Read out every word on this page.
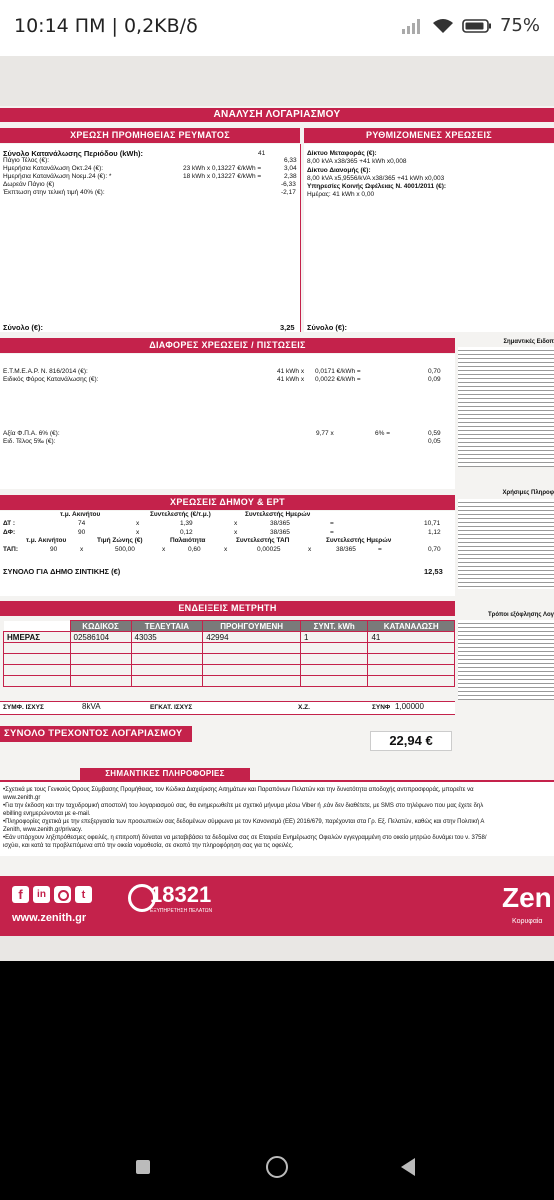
10:14 ΠΜ | 0,2KB/δ	75%
ΑΝΑΛΥΣΗ ΛΟΓΑΡΙΑΣΜΟΥ
ΧΡΕΩΣΗ ΠΡΟΜΗΘΕΙΑΣ ΡΕΥΜΑΤΟΣ
Σύνολο Κατανάλωσης Περιόδου (kWh):	41
Πάγιο Τέλος (€):	6,33
Ημερήσια Κατανάλωση Οκτ.24 (€):	23 kWh x 0,13227 €/kWh =	3,04
Ημερήσια Κατανάλωση Νοεμ.24 (€): *	18 kWh x 0,13227 €/kWh =	2,38
Δωρεάν Πάγιο (€)	-6,33
Έκπτωση στην τελική τιμή 40% (€):	-2,17
Σύνολο (€):	3,25
ΡΥΘΜΙΖΟΜΕΝΕΣ ΧΡΕΩΣΕΙΣ
Δίκτυο Μεταφοράς (€):
8,00 kVA x38/365 +41 kWh x0,008
Δίκτυο Διανομής (€):
8,00 kVA x5,9556/kVA x38/365 +41 kWh x0,003
Υπηρεσίες Κοινής Ωφέλειας Ν. 4001/2011 (€):
Ημέρας: 41 kWh x 0,00
Σύνολο (€):
ΔΙΑΦΟΡΕΣ ΧΡΕΩΣΕΙΣ / ΠΙΣΤΩΣΕΙΣ
Ε.Τ.Μ.Ε.Α.Ρ. Ν. 816/2014 (€):	41 kWh x 0,0171 €/kWh =	0,70
Ειδικός Φόρος Κατανάλωσης (€):	41 kWh x 0,0022 €/kWh =	0,09
Αξία Φ.Π.Α. 6% (€):	9,77 x	6% =	0,59
Ειδ. Τέλος 5‰ (€):	0,05
ΧΡΕΩΣΕΙΣ ΔΗΜΟΥ & ΕΡΤ
τ.μ. Ακινήτου	Συντελεστής (€/τ.μ.)	Συντελεστής Ημερών
ΔΤ :	74	x	1,39	x	38/365	=	10,71
ΔΦ:	90	x	0,12	x	38/365	=	1,12
τ.μ. Ακινήτου	Τιμή Ζώνης (€)	Παλαιότητα	Συντελεστής ΤΑΠ	Συντελεστής Ημερών
ΤΑΠ:	90	x	500,00	x	0,60	x	0,00025	x	38/365	=	0,70
ΣΥΝΟΛΟ ΓΙΑ ΔΗΜΟ ΣΙΝΤΙΚΗΣ (€)	12,53
ΕΝΔΕΙΞΕΙΣ ΜΕΤΡΗΤΗ
	ΚΩΔΙΚΟΣ	ΤΕΛΕΥΤΑΙΑ	ΠΡΟΗΓΟΥΜΕΝΗ	ΣΥΝΤ. kWh	ΚΑΤΑΝΑΛΩΣΗ
ΗΜΕΡΑΣ	02586104	43035	42994	1	41

ΣΥΜΦ. ΙΣΧΥΣ	8kVA	ΕΓΚΑΤ. ΙΣΧΥΣ	Χ.Ζ.	ΣΥΝΦ 1,00000
ΣΥΝΟΛΟ ΤΡΕΧΟΝΤΟΣ ΛΟΓΑΡΙΑΣΜΟΥ	22,94 €
ΣΗΜΑΝΤΙΚΕΣ ΠΛΗΡΟΦΟΡΙΕΣ
•Σχετικά με τους Γενικούς Όρους Σύμβασης Προμήθειας, τον Κώδικα Διαχείρισης Αιτημάτων και Παραπόνων Πελατών και την δυνατότητα αποδοχής αντιπροσφοράς, μπορείτε να
www.zenith.gr
•Για την έκδοση και την ταχυδρομική αποστολή του λογαριασμού σας, θα ενημερωθείτε με σχετικό μήνυμα μέσω Viber ή ,εάν δεν διαθέτετε, με SMS στο τηλέφωνο που μας έχετε δηλ
ebilling ενημερώνονται με e-mail.
•Πληροφορίες σχετικά με την επεξεργασία των προσωπικών σας δεδομένων σύμφωνα με τον Κανονισμό (ΕΕ) 2016/679, παρέχονται στα Γρ. Εξ. Πελατών, καθώς και στην Πολιτική Α
Zenith, www.zenith.gr/privacy.
•Εάν υπάρχουν ληξιπρόθεσμες οφειλές, η επιτροπή δύναται να μεταβιβάσει τα δεδομένα σας σε Εταιρεία Ενημέρωσης Οφειλών εγγεγραμμένη στο οικείο μητρώο δυνάμει του ν. 3758/
ισχύει, και κατά τα προβλεπόμενα από την οικεία νομοθεσία, σε σκοπό την πληροφόρηση σας για τις οφειλές.
Σημαντικές Ειδοπ
Χρήσιμες Πληροφ
Τρόποι εξόφλησης Λογ
f	in	t
www.zenith.gr
18321
ΕΞΥΠΗΡΕΤΗΣΗ ΠΕΛΑΤΩΝ	Zen
Κορυφαία
